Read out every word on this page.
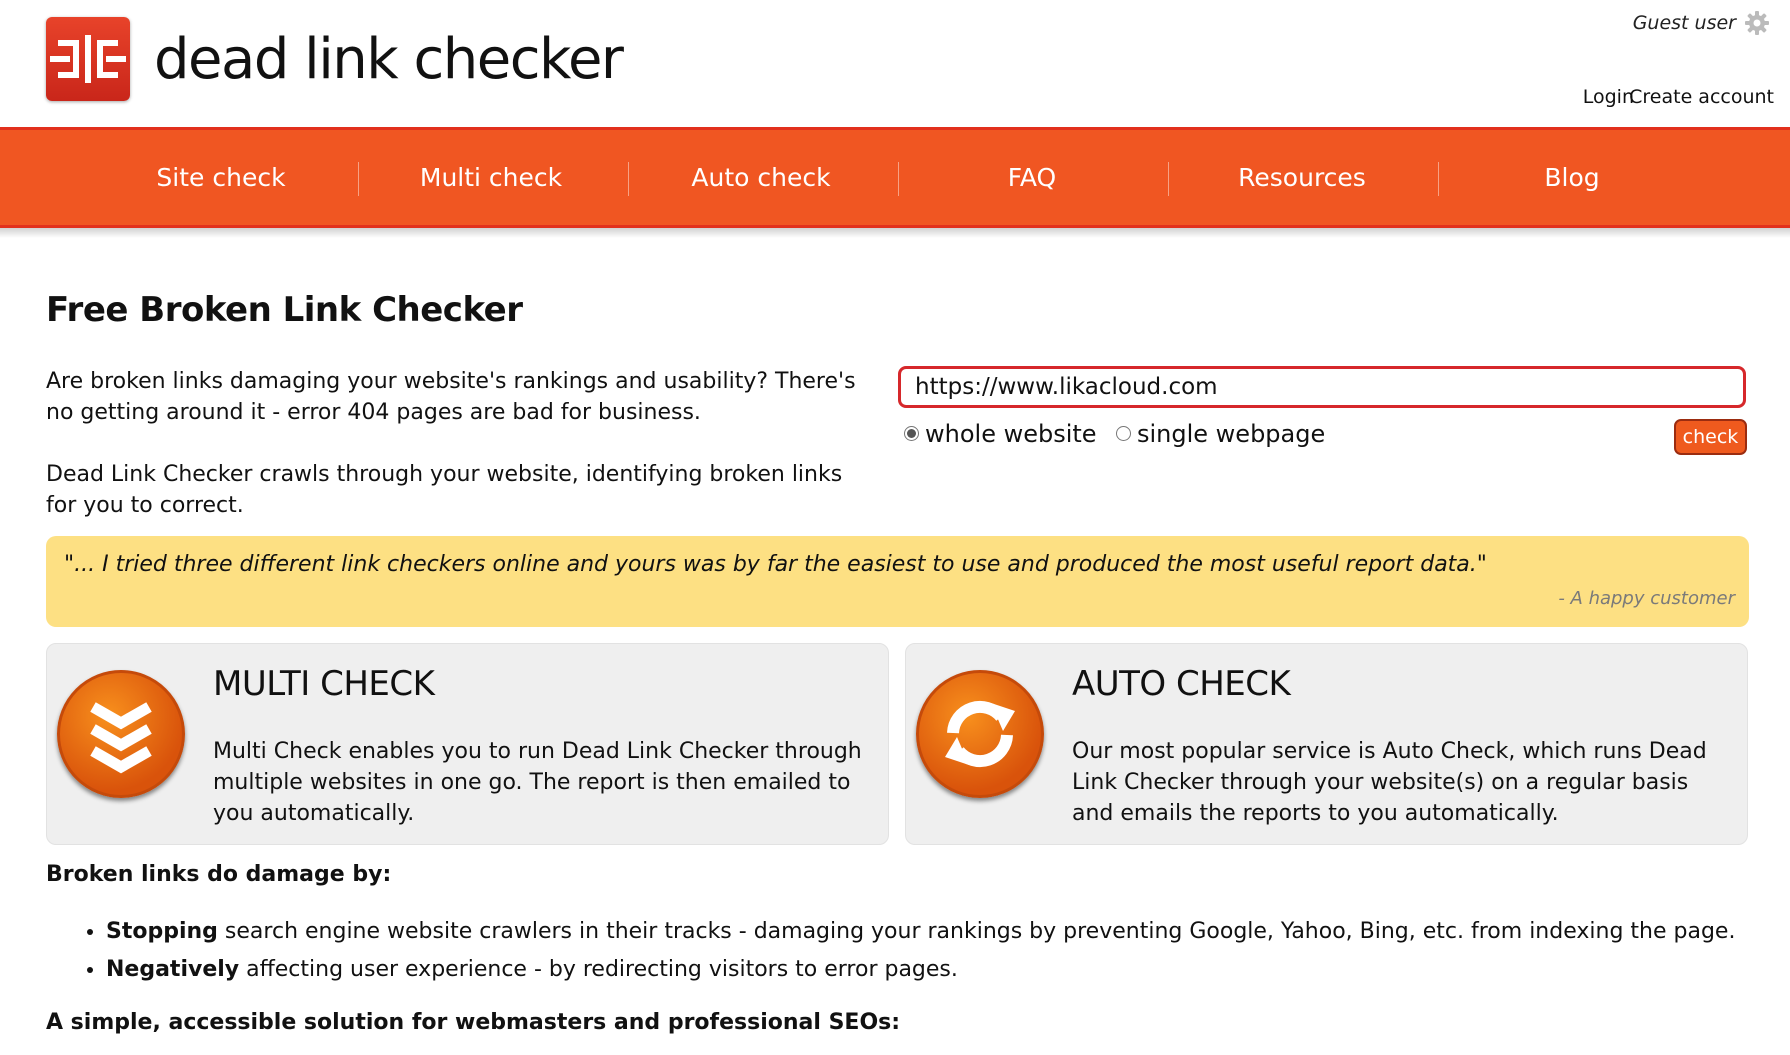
dead link checker
Guest user
Login
Create account
Site check	Multi check	Auto check	FAQ	Resources	Blog
Free Broken Link Checker
Are broken links damaging your website's rankings and usability? There's no getting around it - error 404 pages are bad for business.
Dead Link Checker crawls through your website, identifying broken links for you to correct.
https://www.likacloud.com
whole website	single webpage	check
"... I tried three different link checkers online and yours was by far the easiest to use and produced the most useful report data."
- A happy customer
MULTI CHECK
Multi Check enables you to run Dead Link Checker through multiple websites in one go. The report is then emailed to you automatically.
AUTO CHECK
Our most popular service is Auto Check, which runs Dead Link Checker through your website(s) on a regular basis and emails the reports to you automatically.
Broken links do damage by:
• Stopping search engine website crawlers in their tracks - damaging your rankings by preventing Google, Yahoo, Bing, etc. from indexing the page.
• Negatively affecting user experience - by redirecting visitors to error pages.
A simple, accessible solution for webmasters and professional SEOs:
